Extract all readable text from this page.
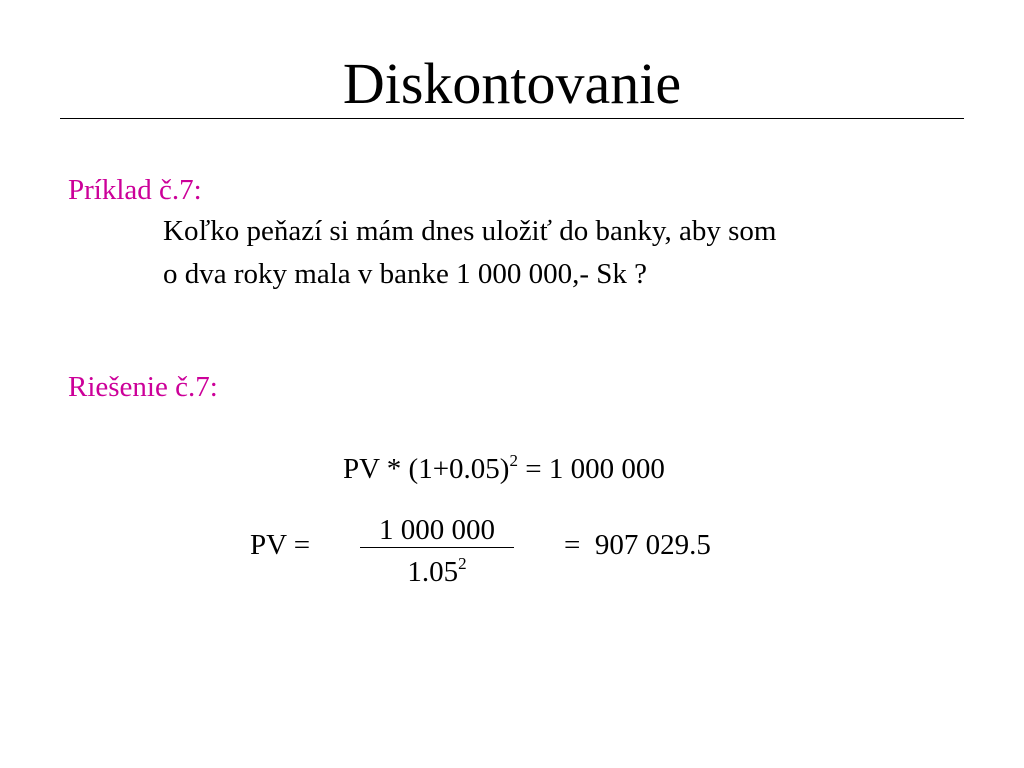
Diskontovanie
Príklad č.7:
Koľko peňazí si mám dnes uložiť do banky, aby som
o dva roky mala v banke 1 000 000,- Sk ?
Riešenie č.7:
PV * $(1+0.05)^2 = 1$ 000 000
PV =	1 000 000
$1.05^2$
=  907 029.5
